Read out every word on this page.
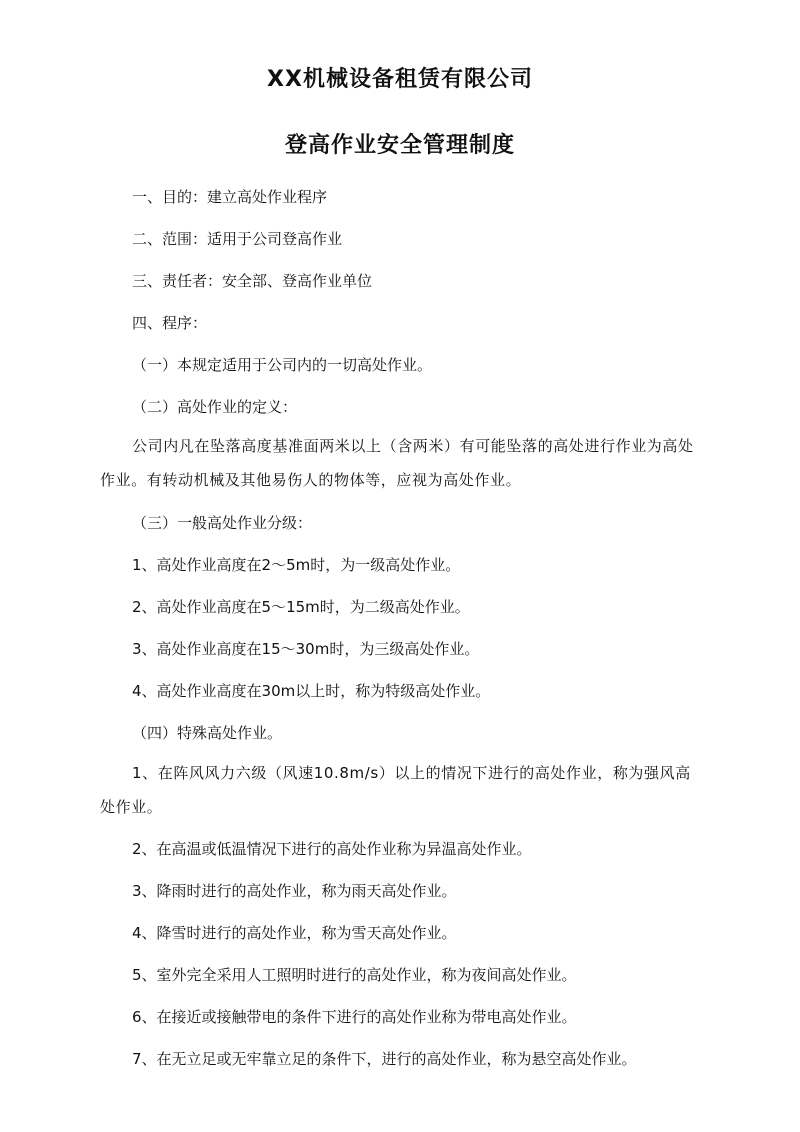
XX机械设备租赁有限公司
登高作业安全管理制度
一、目的：建立高处作业程序
二、范围：适用于公司登高作业
三、责任者：安全部、登高作业单位
四、程序：
（一）本规定适用于公司内的一切高处作业。
（二）高处作业的定义：
公司内凡在坠落高度基准面两米以上（含两米）有可能坠落的高处进行作业为高处作业。有转动机械及其他易伤人的物体等，应视为高处作业。
（三）一般高处作业分级：
1、高处作业高度在2～5m时，为一级高处作业。
2、高处作业高度在5～15m时，为二级高处作业。
3、高处作业高度在15～30m时，为三级高处作业。
4、高处作业高度在30m以上时，称为特级高处作业。
（四）特殊高处作业。
1、在阵风风力六级（风速10.8m/s）以上的情况下进行的高处作业，称为强风高处作业。
2、在高温或低温情况下进行的高处作业称为异温高处作业。
3、降雨时进行的高处作业，称为雨天高处作业。
4、降雪时进行的高处作业，称为雪天高处作业。
5、室外完全采用人工照明时进行的高处作业，称为夜间高处作业。
6、在接近或接触带电的条件下进行的高处作业称为带电高处作业。
7、在无立足或无牢靠立足的条件下，进行的高处作业，称为悬空高处作业。
